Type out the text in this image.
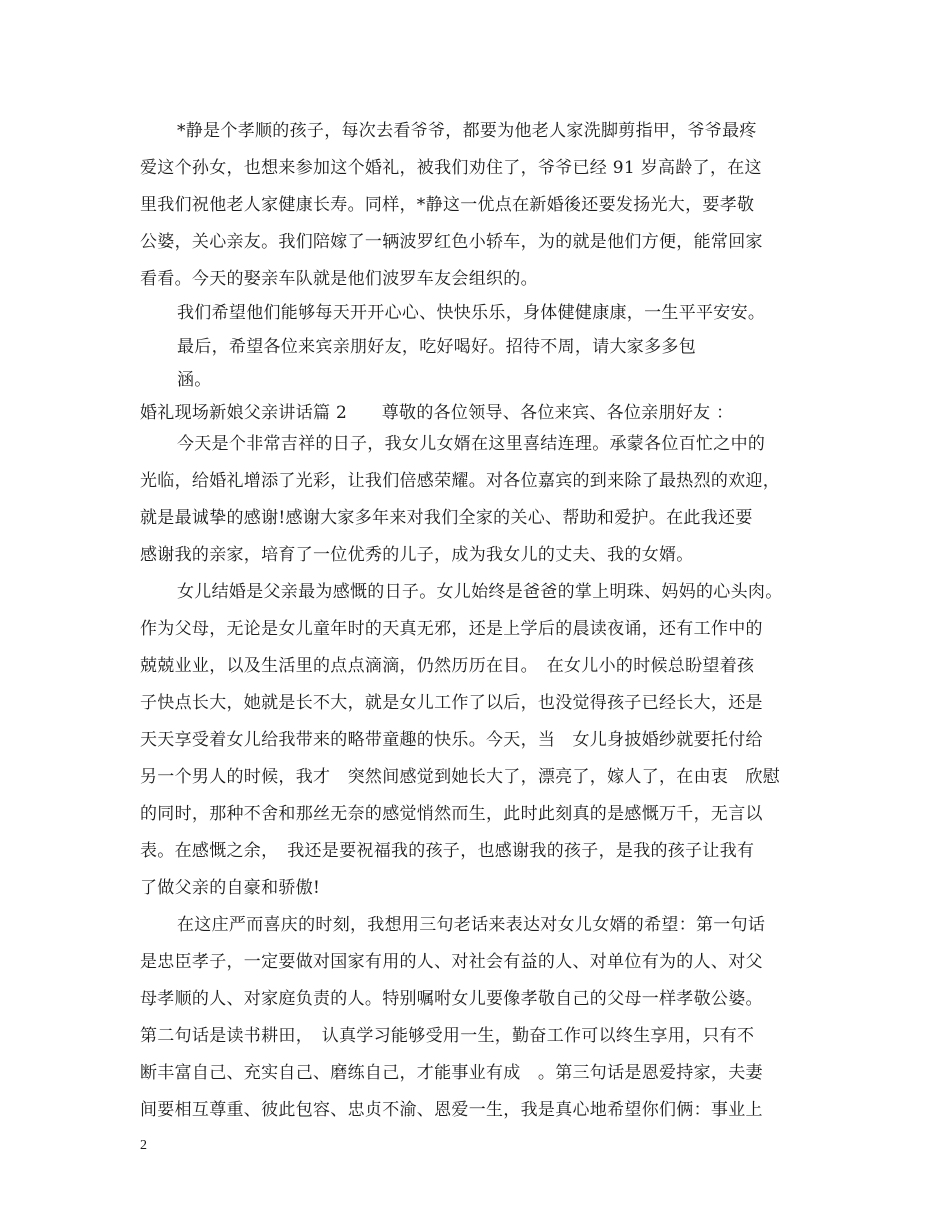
*静是个孝顺的孩子，每次去看爷爷，都要为他老人家洗脚剪指甲，爷爷最疼
爱这个孙女，也想来参加这个婚礼，被我们劝住了，爷爷已经 91 岁高龄了，在这
里我们祝他老人家健康长寿。同样，*静这一优点在新婚後还要发扬光大，要孝敬
公婆，关心亲友。我们陪嫁了一辆波罗红色小轿车，为的就是他们方便，能常回家
看看。今天的娶亲车队就是他们波罗车友会组织的。
我们希望他们能够每天开开心心、快快乐乐，身体健健康康，一生平平安安。
最后，希望各位来宾亲朋好友，吃好喝好。招待不周，请大家多多包
涵。
婚礼现场新娘父亲讲话篇 2　　尊敬的各位领导、各位来宾、各位亲朋好友 ：
今天是个非常吉祥的日子，我女儿女婿在这里喜结连理。承蒙各位百忙之中的
光临，给婚礼增添了光彩，让我们倍感荣耀。对各位嘉宾的到来除了最热烈的欢迎，
就是最诚挚的感谢!感谢大家多年来对我们全家的关心、帮助和爱护。在此我还要
感谢我的亲家，培育了一位优秀的儿子，成为我女儿的丈夫、我的女婿。
女儿结婚是父亲最为感慨的日子。女儿始终是爸爸的掌上明珠、妈妈的心头肉。
作为父母，无论是女儿童年时的天真无邪，还是上学后的晨读夜诵，还有工作中的
兢兢业业，以及生活里的点点滴滴，仍然历历在目。　在女儿小的时候总盼望着孩
子快点长大，她就是长不大，就是女儿工作了以后，也没觉得孩子已经长大，还是
天天享受着女儿给我带来的略带童趣的快乐。今天，当　女儿身披婚纱就要托付给
另一个男人的时候，我才　突然间感觉到她长大了，漂亮了，嫁人了，在由衷　欣慰
的同时，那种不舍和那丝无奈的感觉悄然而生，此时此刻真的是感慨万千，无言以
表。在感慨之余，　我还是要祝福我的孩子，也感谢我的孩子，是我的孩子让我有
了做父亲的自豪和骄傲!
在这庄严而喜庆的时刻，我想用三句老话来表达对女儿女婿的希望：第一句话
是忠臣孝子，一定要做对国家有用的人、对社会有益的人、对单位有为的人、对父
母孝顺的人、对家庭负责的人。特别嘱咐女儿要像孝敬自己的父母一样孝敬公婆。
第二句话是读书耕田，　认真学习能够受用一生，勤奋工作可以终生享用，只有不
断丰富自己、充实自己、磨练自己，才能事业有成　。第三句话是恩爱持家，夫妻
间要相互尊重、彼此包容、忠贞不渝、恩爱一生，我是真心地希望你们俩：事业上
2
